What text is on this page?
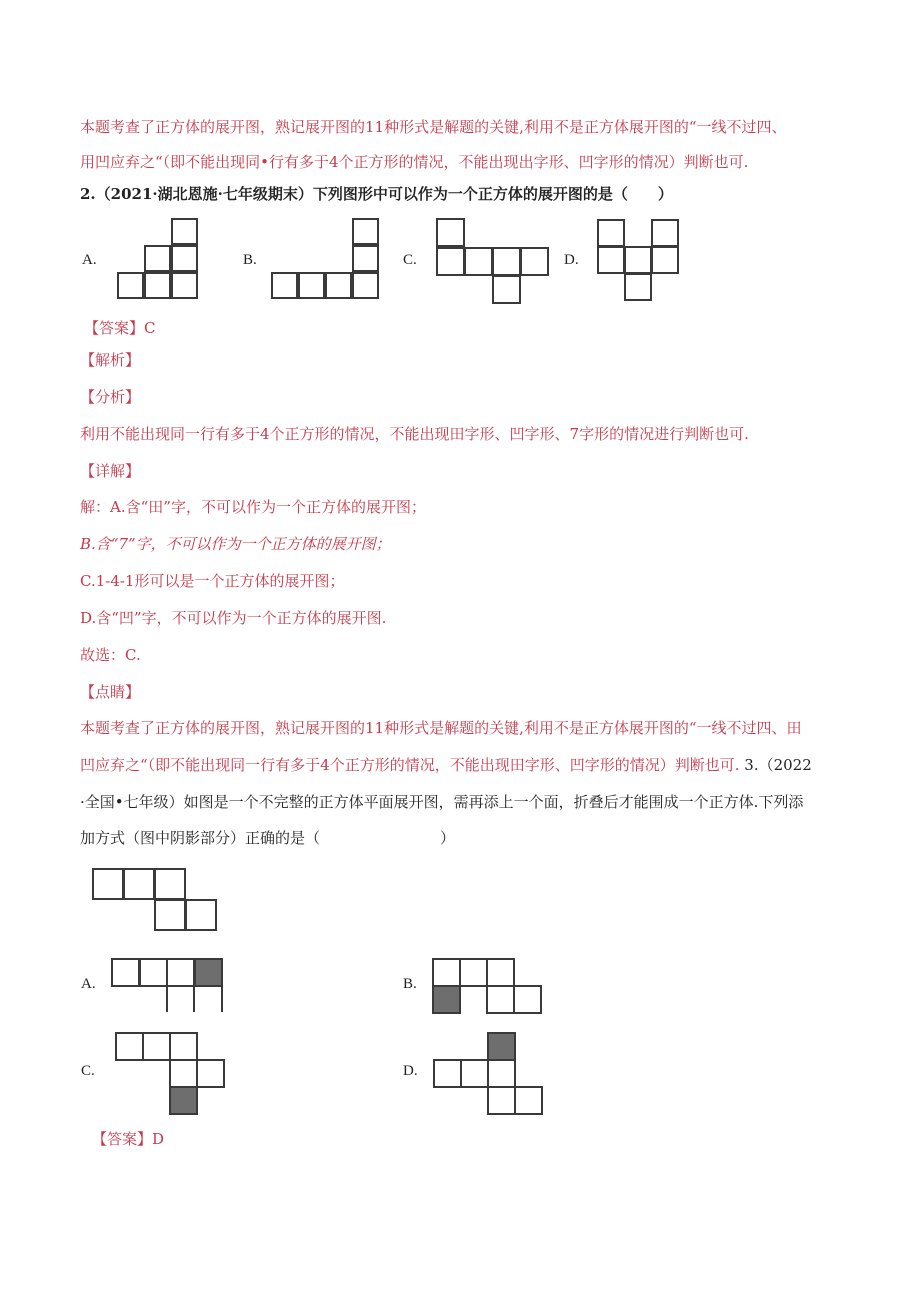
本题考查了正方体的展开图，熟记展开图的11种形式是解题的关键,利用不是正方体展开图的“一线不过四、
用凹应弃之“（即不能出现同•行有多于4个正方形的情况，不能出现出字形、凹字形的情况）判断也可.
2.（2021·湖北恩施·七年级期末）下列图形中可以作为一个正方体的展开图的是（　　）
A.	B.	C.	D.
【答案】C
【解析】
【分析】
利用不能出现同一行有多于4个正方形的情况，不能出现田字形、凹字形、7字形的情况进行判断也可.
【详解】
解：A.含“田”字，不可以作为一个正方体的展开图；
B.含“7”字，不可以作为一个正方体的展开图；
C.1-4-1形可以是一个正方体的展开图；
D.含“凹”字，不可以作为一个正方体的展开图.
故选：C.
【点睛】
本题考查了正方体的展开图，熟记展开图的11种形式是解题的关键,利用不是正方体展开图的“一线不过四、田
凹应弃之“（即不能出现同一行有多于4个正方形的情况，不能出现田字形、凹字形的情况）判断也可. 3.（2022
·全国•七年级）如图是一个不完整的正方体平面展开图，需再添上一个面，折叠后才能围成一个正方体.下列添
加方式（图中阴影部分）正确的是（　　　　　　　　）
A.	B.
C.	D.
【答案】D
